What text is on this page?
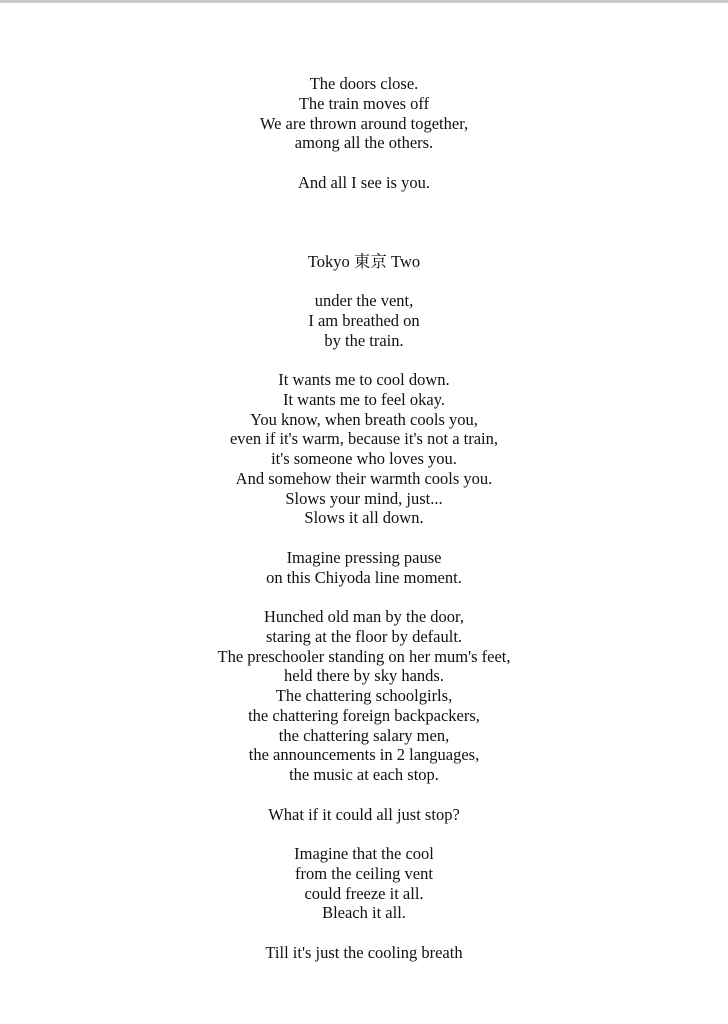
The doors close.
The train moves off
We are thrown around together,
among all the others.
And all I see is you.
Tokyo 東京 Two
under the vent,
I am breathed on
by the train.
It wants me to cool down.
It wants me to feel okay.
You know, when breath cools you,
even if it's warm, because it's not a train,
it's someone who loves you.
And somehow their warmth cools you.
Slows your mind, just...
Slows it all down.
Imagine pressing pause
on this Chiyoda line moment.
Hunched old man by the door,
staring at the floor by default.
The preschooler standing on her mum's feet,
held there by sky hands.
The chattering schoolgirls,
the chattering foreign backpackers,
the chattering salary men,
the announcements in 2 languages,
the music at each stop.
What if it could all just stop?
Imagine that the cool
from the ceiling vent
could freeze it all.
Bleach it all.
Till it's just the cooling breath
